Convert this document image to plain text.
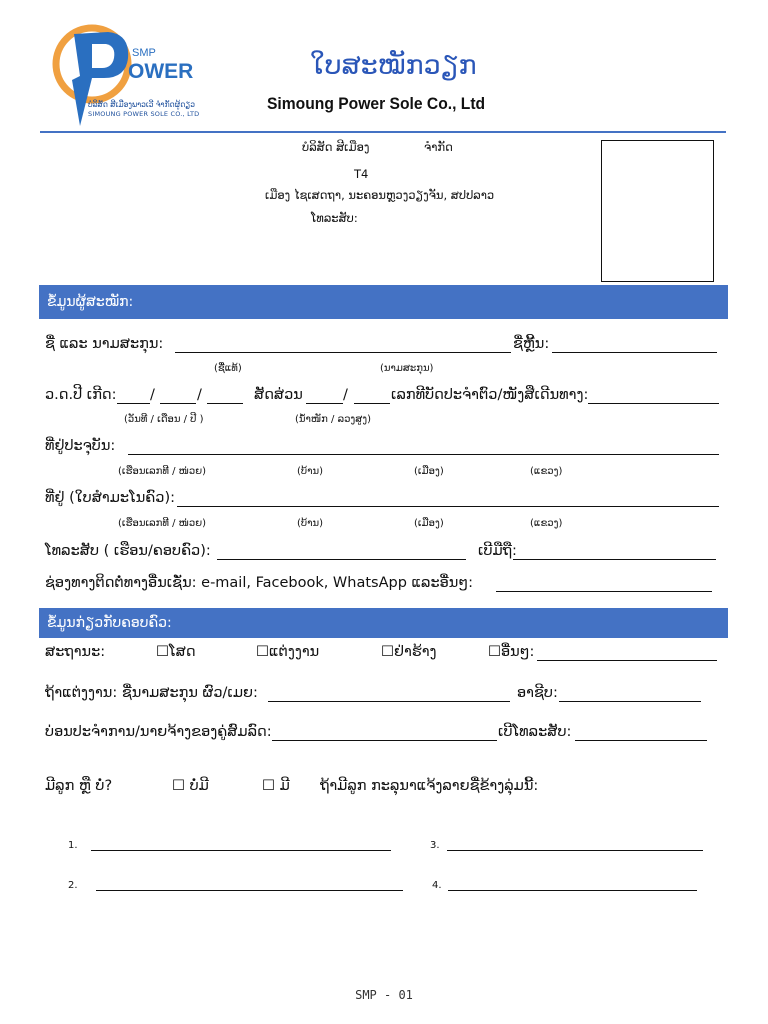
SMP
OWER
ບໍລິສັດ ສີເມືອງພາວເວີ ຈຳກັດຜູ້ດຽວ
SIMOUNG POWER SOLE CO., LTD
ໃບສະໝັກວຽກ
Simoung Power Sole Co., Ltd
ບໍລິສັດ ສີເມືອງ	ຈຳກັດ
T4
ເມືອງ ໄຊເສດຖາ, ນະຄອນຫຼວງວຽງຈັນ, ສປປລາວ
ໂທລະສັບ:
ຂໍ້ມູນຜູ້ສະໝັກ:
ຊື່ ແລະ ນາມສະກຸນ:	ຊື່ຫຼີ້ນ:
(ຊື່ແທ້)	(ນາມສະກຸນ)
ວ.ດ.ປີ ເກີດ: /	/	ສັດສ່ວນ	/	ເລກທີບັດປະຈຳຕົວ/ໜັງສືເດີນທາງ:
(ວັນທີ / ເດືອນ / ປີ )	(ນ້ຳໜັກ / ລວງສູງ)
ທີ່ຢູ່ປະຈຸບັນ:
(ເຮືອນເລກທີ / ໜ່ວຍ)	(ບ້ານ)	(ເມືອງ)	(ແຂວງ)
ທີ່ຢູ່ (ໃບສຳມະໂນຄົວ):
(ເຮືອນເລກທີ / ໜ່ວຍ)	(ບ້ານ)	(ເມືອງ)	(ແຂວງ)
ໂທລະສັບ ( ເຮືອນ/ຄອບຄົວ):	ເບີມືຖື:
ຊ່ອງທາງຕິດຕໍ່ທາງອື່ນເຊັ່ນ: e-mail, Facebook, WhatsApp ແລະອື່ນໆ:
ຂໍ້ມູນກ່ຽວກັບຄອບຄົວ:
ສະຖານະ:	☐ໂສດ	☐ແຕ່ງງານ	☐ຢ່າຮ້າງ	☐ອື່ນໆ:
ຖ້າແຕ່ງງານ: ຊື່ນາມສະກຸນ ຜົວ/ເມຍ:	ອາຊີບ:
ບ່ອນປະຈຳການ/ນາຍຈ້າງຂອງຄູ່ສົມລົດ:	ເບີໂທລະສັບ:
ມີລູກ ຫຼື ບໍ່?	☐ ບໍ່ມີ	☐ ມີ ຖ້າມີລູກ ກະລຸນາແຈ້ງລາຍຊື່ຂ້າງລຸ່ມນີ້:
1.	3.
2.	4.
SMP - 01
